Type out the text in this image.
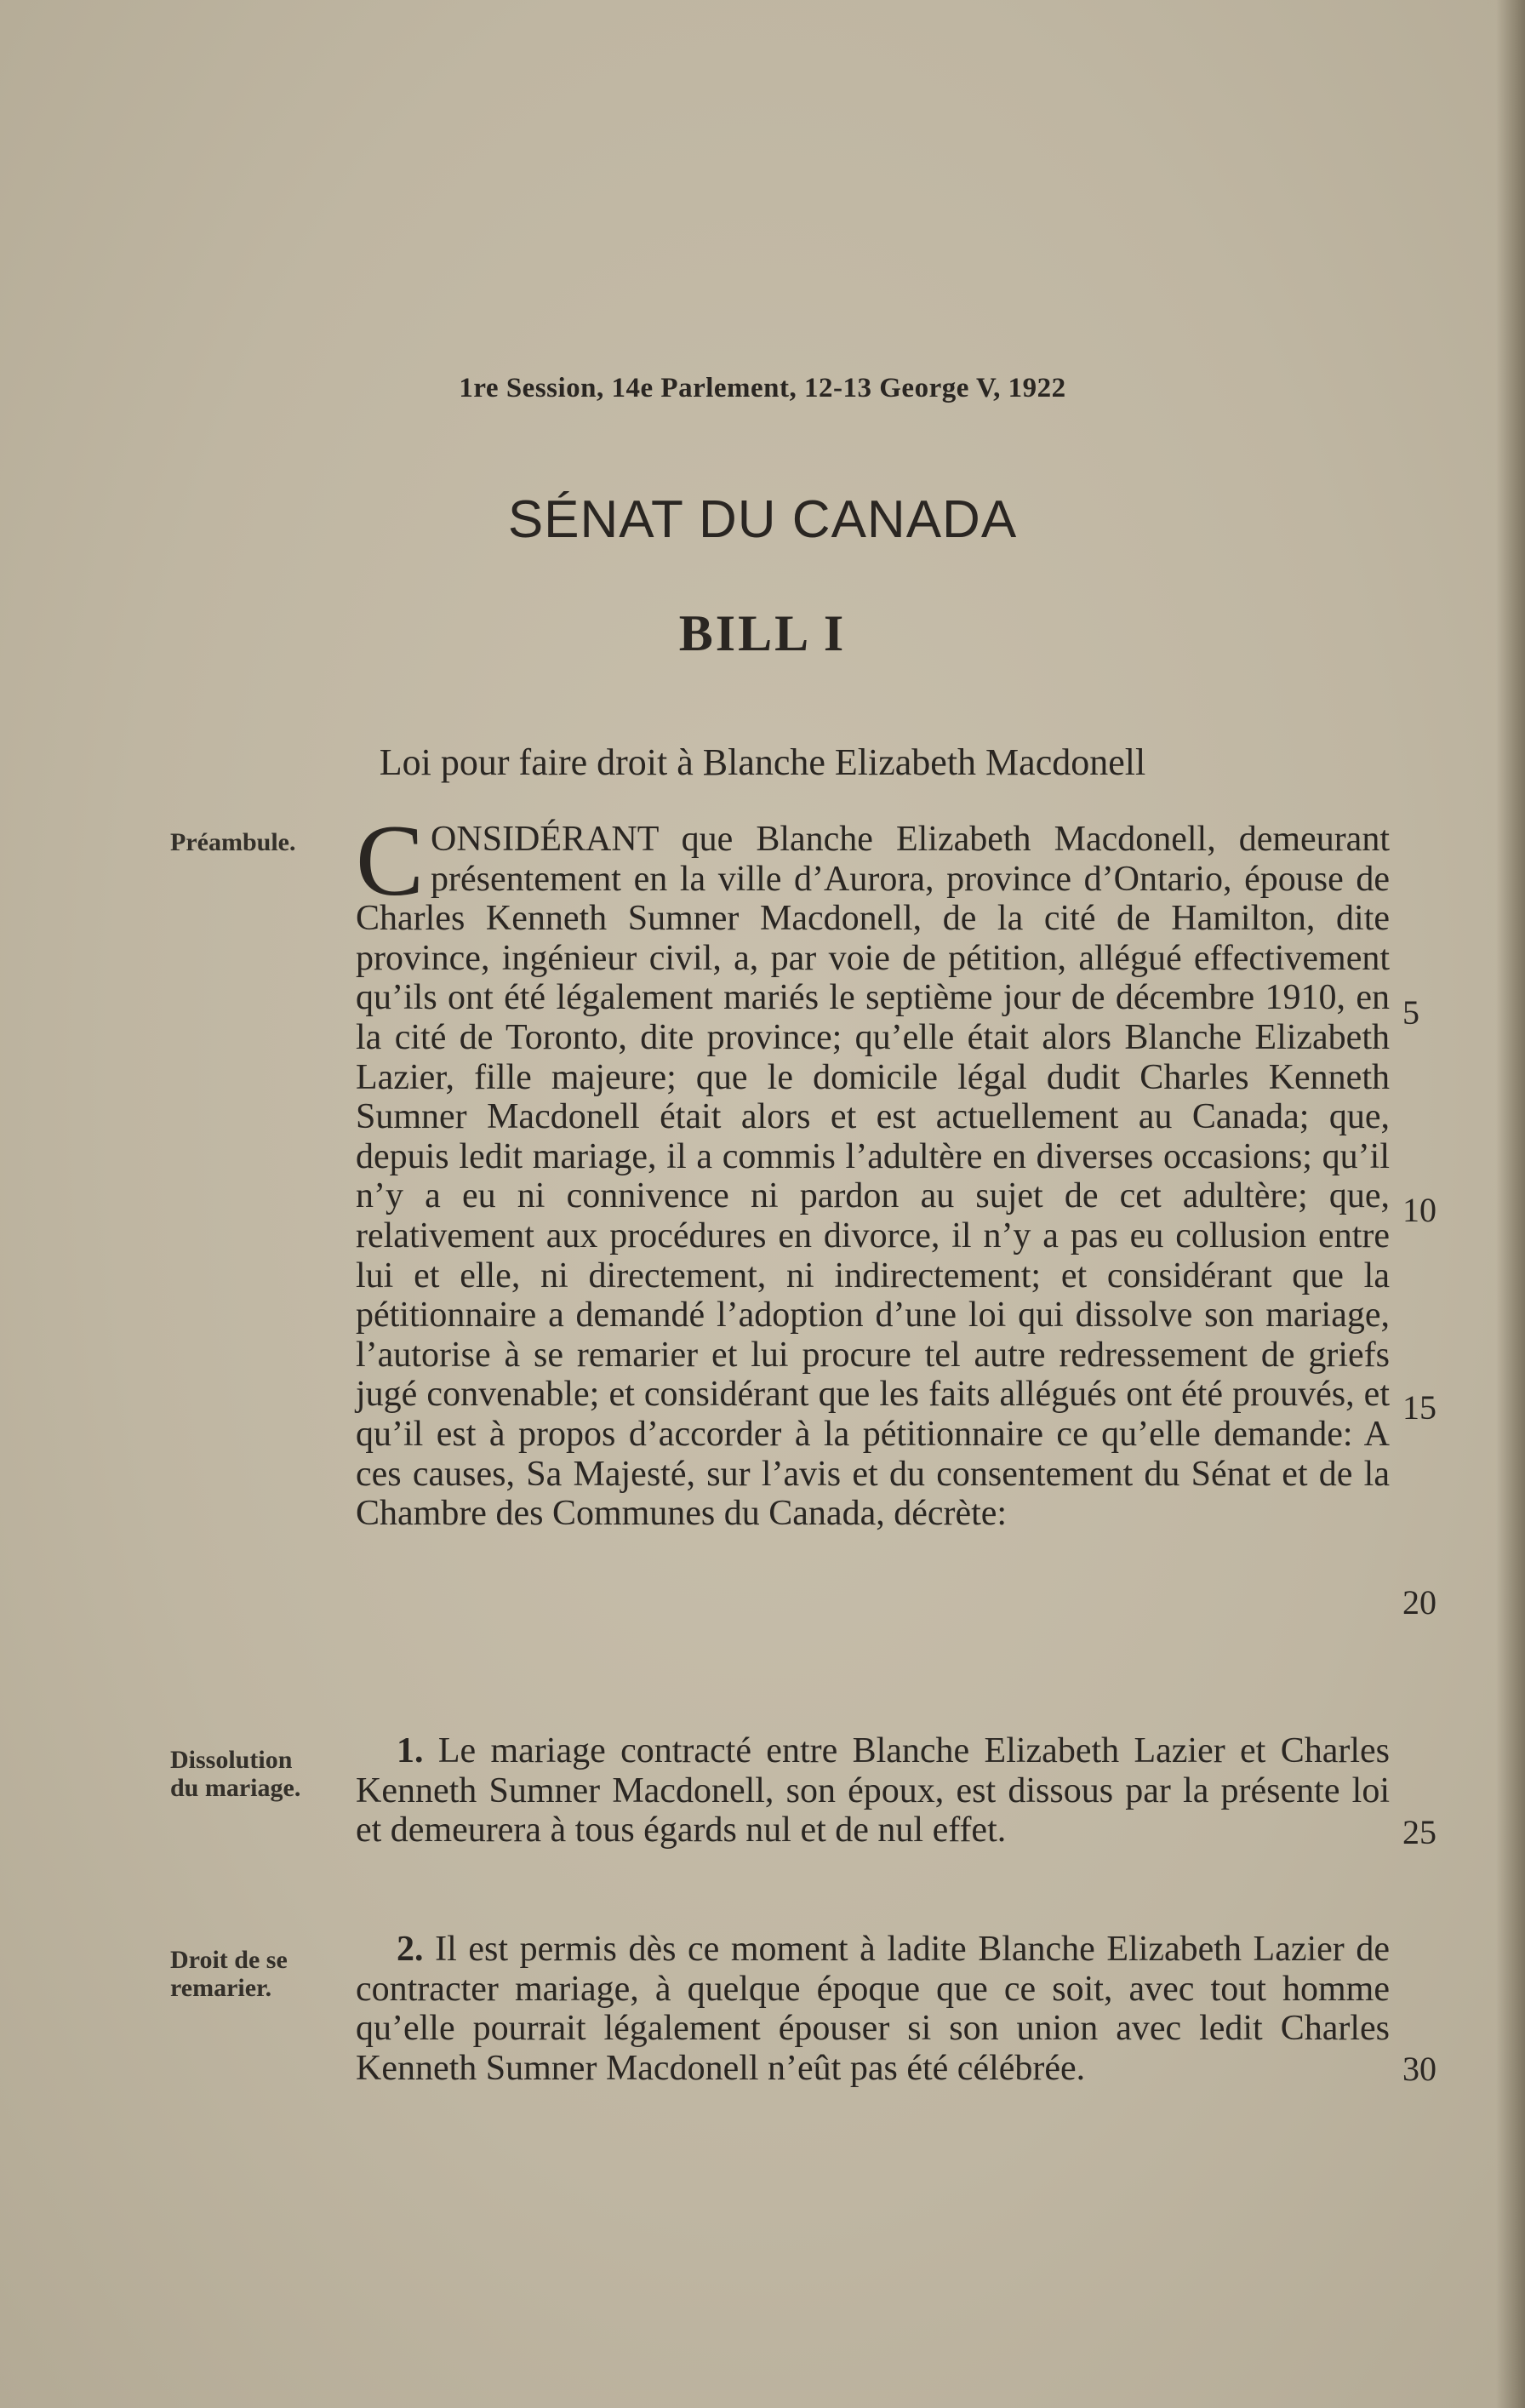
1re Session, 14e Parlement, 12-13 George V, 1922
SÉNAT DU CANADA
BILL I
Loi pour faire droit à Blanche Elizabeth Macdonell
Préambule.
Dissolution
du mariage.
Droit de se
remarier.

CONSIDÉRANT que Blanche Elizabeth Macdonell, demeurant présentement en la ville d’Aurora, province d’Ontario, épouse de Charles Kenneth Sumner Macdonell, de la cité de Hamilton, dite province, ingénieur civil, a, par voie de pétition, allégué effectivement qu’ils ont été légalement mariés le septième jour de décembre 1910, en la cité de Toronto, dite province; qu’elle était alors Blanche Elizabeth Lazier, fille majeure; que le domicile légal dudit Charles Kenneth Sumner Macdonell était alors et est actuellement au Canada; que, depuis ledit mariage, il a commis l’adultère en diverses occasions; qu’il n’y a eu ni connivence ni pardon au sujet de cet adultère; que, relativement aux procédures en divorce, il n’y a pas eu collusion entre lui et elle, ni directement, ni indirectement; et considérant que la pétitionnaire a demandé l’adoption d’une loi qui dissolve son mariage, l’autorise à se remarier et lui procure tel autre redressement de griefs jugé convenable; et considérant que les faits allégués ont été prouvés, et qu’il est à propos d’accorder à la pétitionnaire ce qu’elle demande: A ces causes, Sa Majesté, sur l’avis et du consentement du Sénat et de la Chambre des Communes du Canada, décrète:

1. Le mariage contracté entre Blanche Elizabeth Lazier et Charles Kenneth Sumner Macdonell, son époux, est dissous par la présente loi et demeurera à tous égards nul et de nul effet.

2. Il est permis dès ce moment à ladite Blanche Elizabeth Lazier de contracter mariage, à quelque époque que ce soit, avec tout homme qu’elle pourrait légalement épouser si son union avec ledit Charles Kenneth Sumner Macdonell n’eût pas été célébrée.

5
10
15
20
25
30
